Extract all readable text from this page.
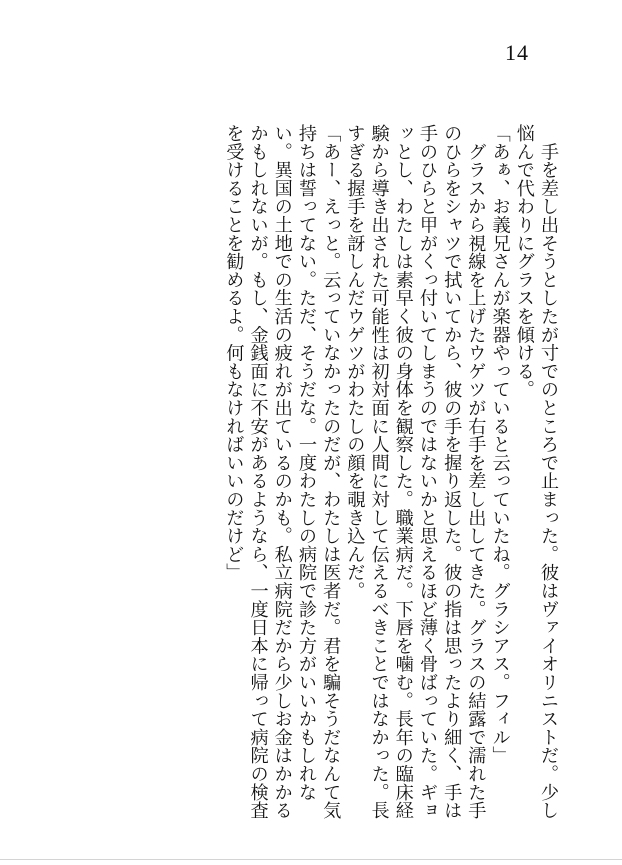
14

　手を差し出そうとしたが寸でのところで止まった。彼はヴァイオリニストだ。少し悩んで代わりにグラスを傾ける。

「あぁ、お義兄さんが楽器やっていると云っていたね。グラシアス。フィル」

　グラスから視線を上げたウゲツが右手を差し出してきた。グラスの結露で濡れた手のひらをシャツで拭いてから、彼の手を握り返した。彼の指は思ったより細く、手は手のひらと甲がくっ付いてしまうのではないかと思えるほど薄く骨ばっていた。ギョッとし、わたしは素早く彼の身体を観察した。職業病だ。下唇を噛む。長年の臨床経験から導き出された可能性は初対面に人間に対して伝えるべきことではなかった。長すぎる握手を訝しんだウゲツがわたしの顔を覗き込んだ。

「あー、えっと。云っていなかったのだが、わたしは医者だ。君を騙そうだなんて気持ちは誓ってない。ただ、そうだな。一度わたしの病院で診た方がいいかもしれない。異国の土地での生活の疲れが出ているのかも。私立病院だから少しお金はかかるかもしれないが。もし、金銭面に不安があるようなら、一度日本に帰って病院の検査を受けることを勧めるよ。何もなければいいのだけど」
